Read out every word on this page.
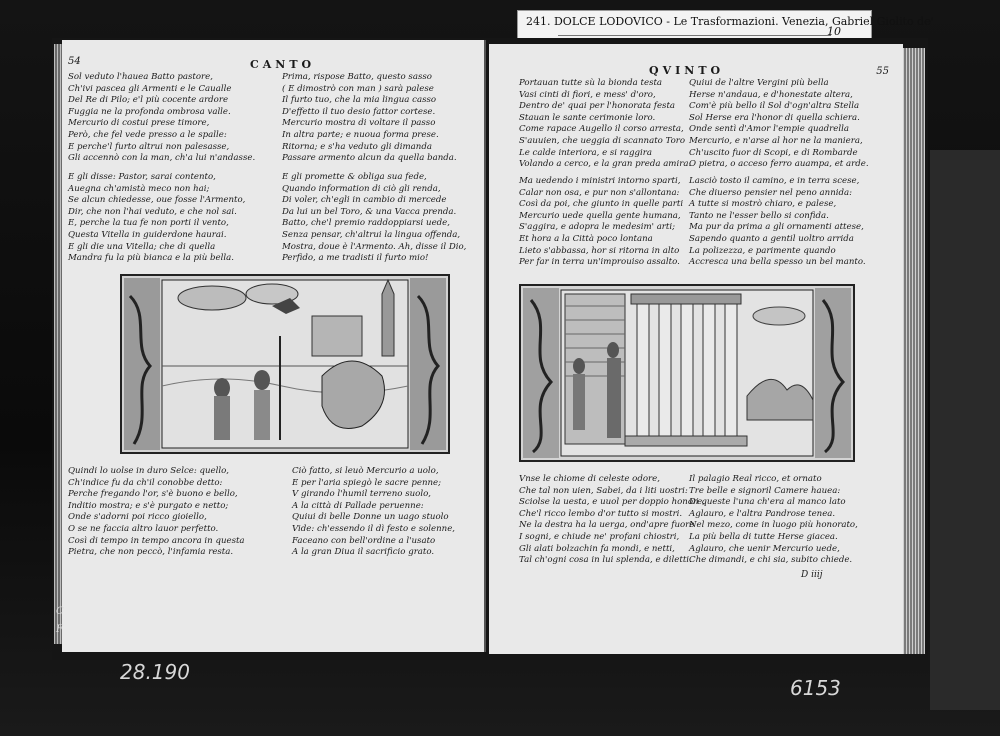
241. DOLCE LODOVICO - Le Trasformazioni. Venezia, Gabriel Giolito de'
10
54	CANTO
Sol veduto l'hauea Batto pastore,
Ch'ivi pascea gli Armenti e le Caualle
Del Re di Pilo; e'l più cocente ardore
Fuggia ne la profonda ombrosa valle.
Mercurio di costui prese timore,
Però, che fel vede presso a le spalle:
E perche'l furto altrui non palesasse,
Gli accennò con la man, ch'a lui n'andasse.
E gli disse: Pastor, sarai contento,
Auegna ch'amistà meco non hai;
Se alcun chiedesse, oue fosse l'Armento,
Dir, che non l'hai veduto, e che nol sai.
E, perche la tua fe non porti il vento,
Questa Vitella in guiderdone haurai.
E gli die una Vitella; che di quella
Mandra fu la più bianca e la più bella.
Prima, rispose Batto, questo sasso
( E dimostrò con man ) sarà palese
Il furto tuo, che la mia lingua casso
D'effetto il tuo desio fattor cortese.
Mercurio mostra di voltare il passo
In altra parte; e nuoua forma prese.
Ritorna; e s'ha veduto gli dimanda
Passare armento alcun da quella banda.
E gli promette & obliga sua fede,
Quando information di ciò gli renda,
Di voler, ch'egli in cambio di mercede
Da lui un bel Toro, & una Vacca prenda.
Batto, che'l premio raddoppiarsi uede,
Senza pensar, ch'altrui la lingua offenda,
Mostra, doue è l'Armento. Ah, disse il Dio,
Perfido, a me tradisti il furto mio!
Quindi lo uolse in duro Selce: quello,
Ch'indice fu da ch'il conobbe detto:
Perche fregando l'or, s'è buono e bello,
Inditio mostra; e s'è purgato e netto;
Onde s'adorni poi ricco gioiello,
O se ne faccia altro lauor perfetto.
Così di tempo in tempo ancora in questa
Pietra, che non peccò, l'infamia resta.
Ciò fatto, si leuò Mercurio a uolo,
E per l'aria spiegò le sacre penne;
V girando l'humil terreno suolo,
A la città di Pallade peruenne:
Quiui di belle Donne un uago stuolo
Vide: ch'essendo il dì festo e solenne,
Faceano con bell'ordine a l'usato
A la gran Diua il sacrificio grato.
C
F
QVINTO	55
Portauan tutte sù la bionda testa
Vasi cinti di fiori, e mess' d'oro,
Dentro de' quai per l'honorata festa
Stauan le sante cerimonie loro.
Come rapace Augello il corso arresta,
S'auuien, che ueggia di scannato Toro
Le calde interiora, e si raggira
Volando a cerco, e la gran preda amira.
Ma uedendo i ministri intorno sparti,
Calar non osa, e pur non s'allontana:
Così da poi, che giunto in quelle parti
Mercurio uede quella gente humana,
S'aggira, e adopra le medesim' arti;
Et hora a la Città poco lontana
Lieto s'abbassa, hor si ritorna in alto
Per far in terra un'improuiso assalto.
Quiui de l'altre Vergini più bella
Herse n'andaua, e d'honestate altera,
Com'è più bello il Sol d'ogn'altra Stella
Sol Herse era l'honor di quella schiera.
Onde sentì d'Amor l'empie quadrella
Mercurio, e n'arse al hor ne la maniera,
Ch'uscito fuor di Scopi, e di Rombarde
O pietra, o acceso ferro auampa, et arde.
Lasciò tosto il camino, e in terra scese,
Che diuerso pensier nel peno annida:
A tutte si mostrò chiaro, e palese,
Tanto ne l'esser bello si confida.
Ma pur da prima a gli ornamenti attese,
Sapendo quanto a gentil uoltro arrida
La polizezza, e parimente quando
Accresca una bella spesso un bel manto.
Vnse le chiome di celeste odore,
Che tal non uien, Sabei, da i liti uostri:
Sciolse la uesta, e uuol per doppio honore,
Che'l ricco lembo d'or tutto si mostri.
Ne la destra ha la uerga, ond'apre fuore
I sogni, e chiude ne' profani chiostri,
Gli alati bolzachin fa mondi, e netti,
Tal ch'ogni cosa in lui splenda, e diletti.
Il palagio Real ricco, et ornato
Tre belle e signoril Camere hauea:
Di queste l'una ch'era al manco lato
Aglauro, e l'altra Pandrose tenea.
Nel mezo, come in luogo più honorato,
La più bella di tutte Herse giacea.
Aglauro, che uenir Mercurio uede,
Che dimandi, e chi sia, subito chiede.
D iiij
28.190
6153
